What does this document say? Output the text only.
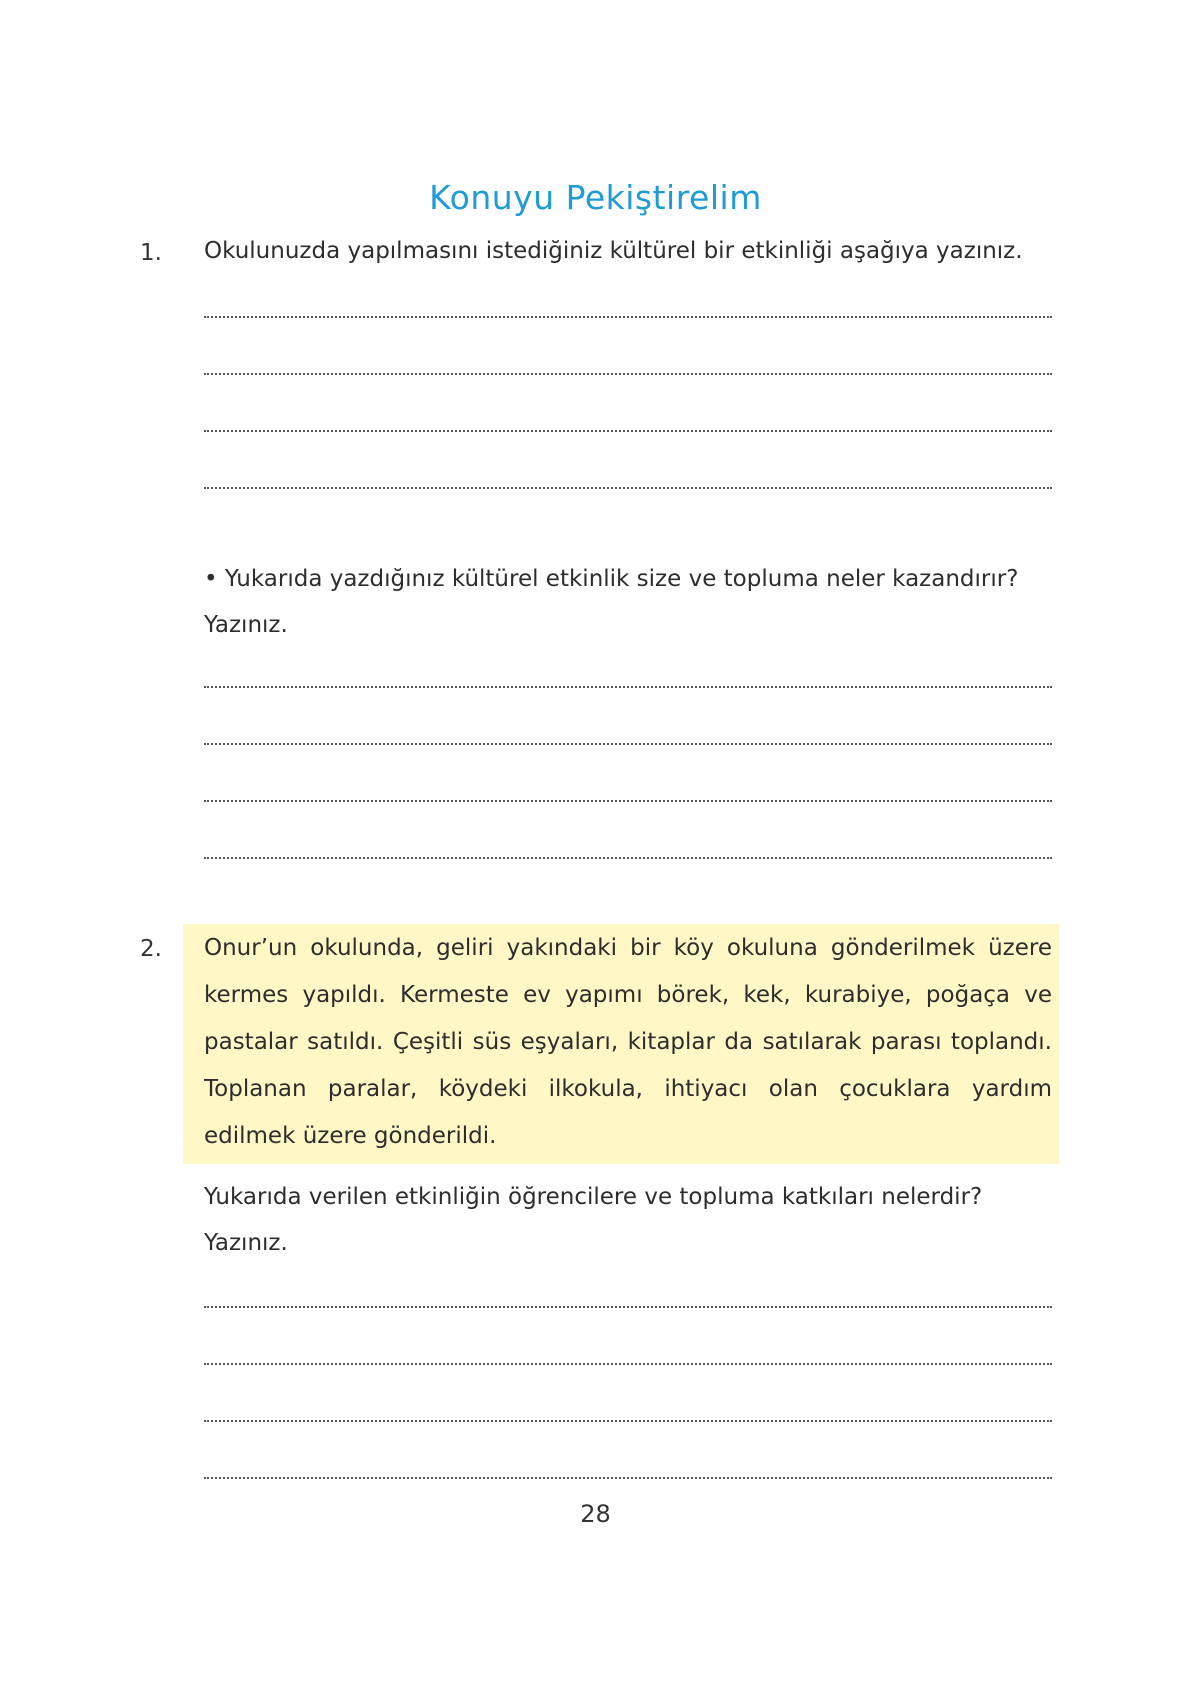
Konuyu Pekiştirelim
1. Okulunuzda yapılmasını istediğiniz kültürel bir etkinliği aşağıya yazınız.
• Yukarıda yazdığınız kültürel etkinlik size ve topluma neler kazandırır?
Yazınız.
2. Onur’un okulunda, geliri yakındaki bir köy okuluna gönderilmek üzere kermes yapıldı. Kermeste ev yapımı börek, kek, kurabiye, poğaça ve pastalar satıldı. Çeşitli süs eşyaları, kitaplar da satılarak parası toplandı. Toplanan paralar, köydeki ilkokula, ihtiyacı olan çocuklara yardım edilmek üzere gönderildi.
Yukarıda verilen etkinliğin öğrencilere ve topluma katkıları nelerdir?
Yazınız.
28
